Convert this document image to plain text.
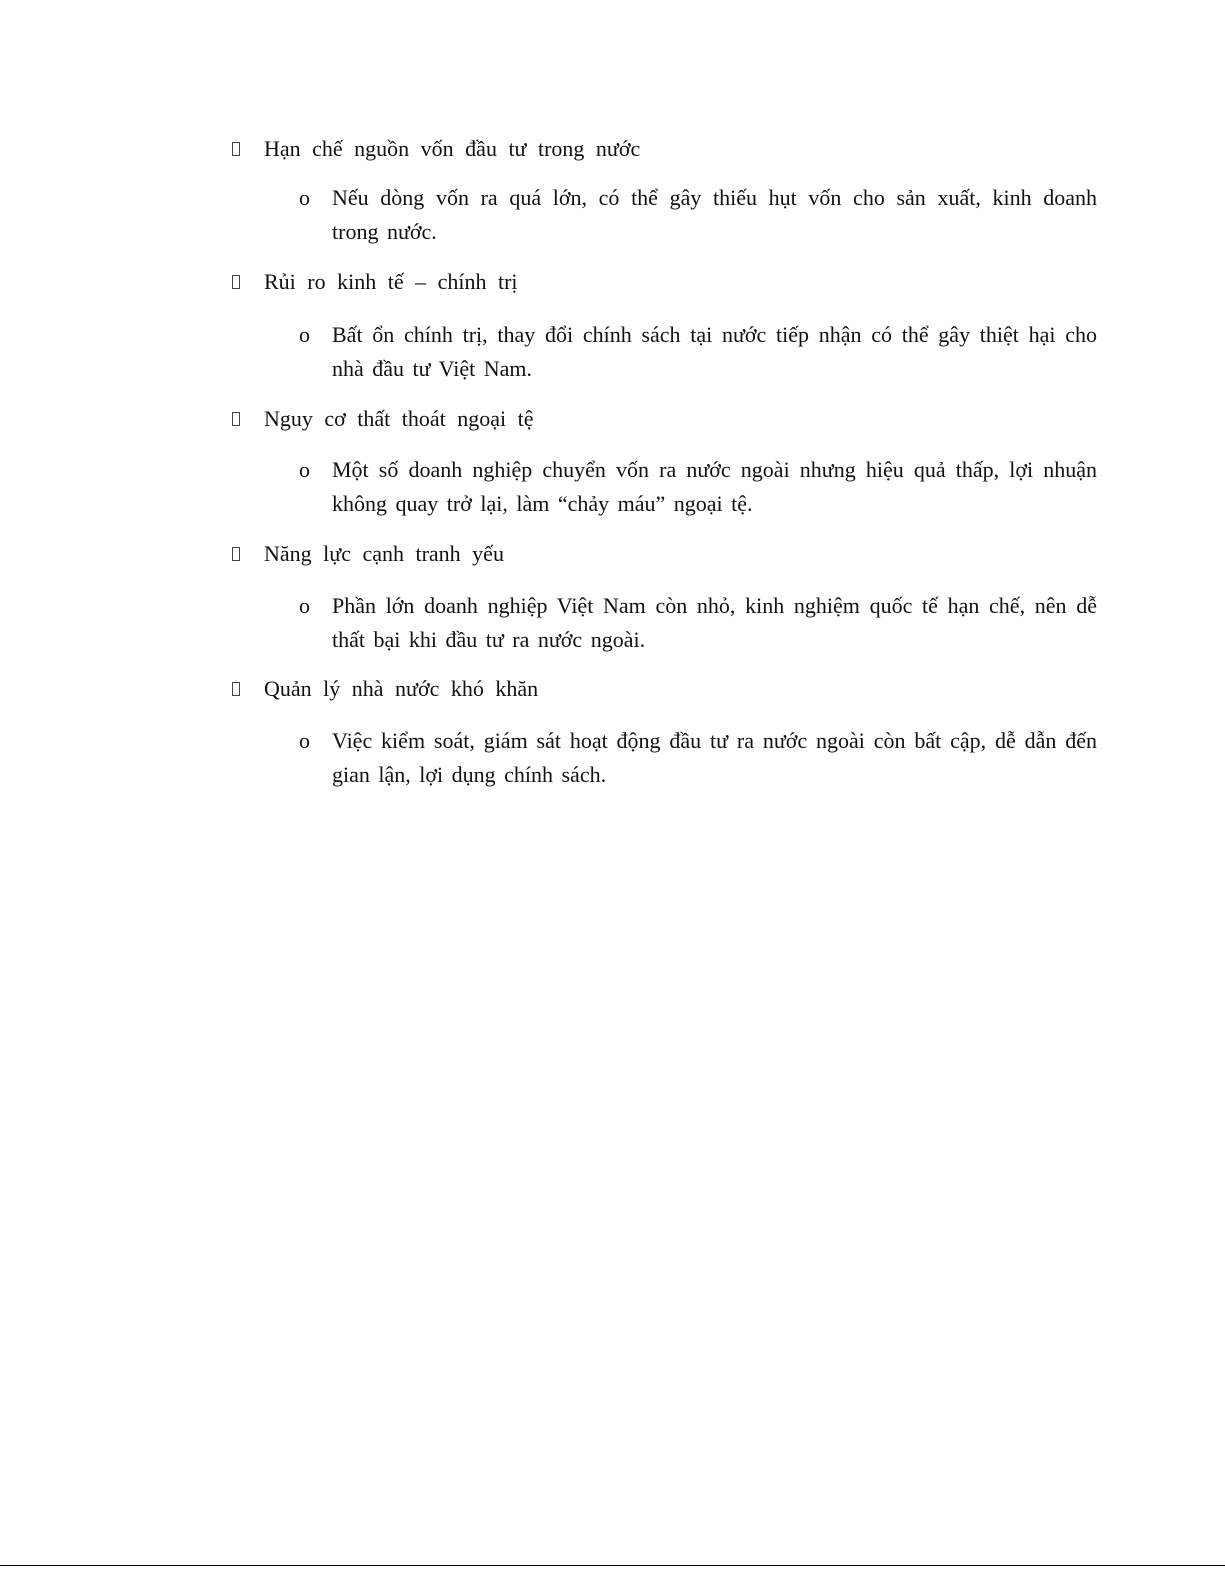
Hạn chế nguồn vốn đầu tư trong nước
o	Nếu dòng vốn ra quá lớn, có thể gây thiếu hụt vốn cho sản xuất, kinh doanh trong nước.
Rủi ro kinh tế – chính trị
o	Bất ổn chính trị, thay đổi chính sách tại nước tiếp nhận có thể gây thiệt hại cho nhà đầu tư Việt Nam.
Nguy cơ thất thoát ngoại tệ
o	Một số doanh nghiệp chuyển vốn ra nước ngoài nhưng hiệu quả thấp, lợi nhuận không quay trở lại, làm “chảy máu” ngoại tệ.
Năng lực cạnh tranh yếu
o	Phần lớn doanh nghiệp Việt Nam còn nhỏ, kinh nghiệm quốc tế hạn chế, nên dễ thất bại khi đầu tư ra nước ngoài.
Quản lý nhà nước khó khăn
o	Việc kiểm soát, giám sát hoạt động đầu tư ra nước ngoài còn bất cập, dễ dẫn đến gian lận, lợi dụng chính sách.
